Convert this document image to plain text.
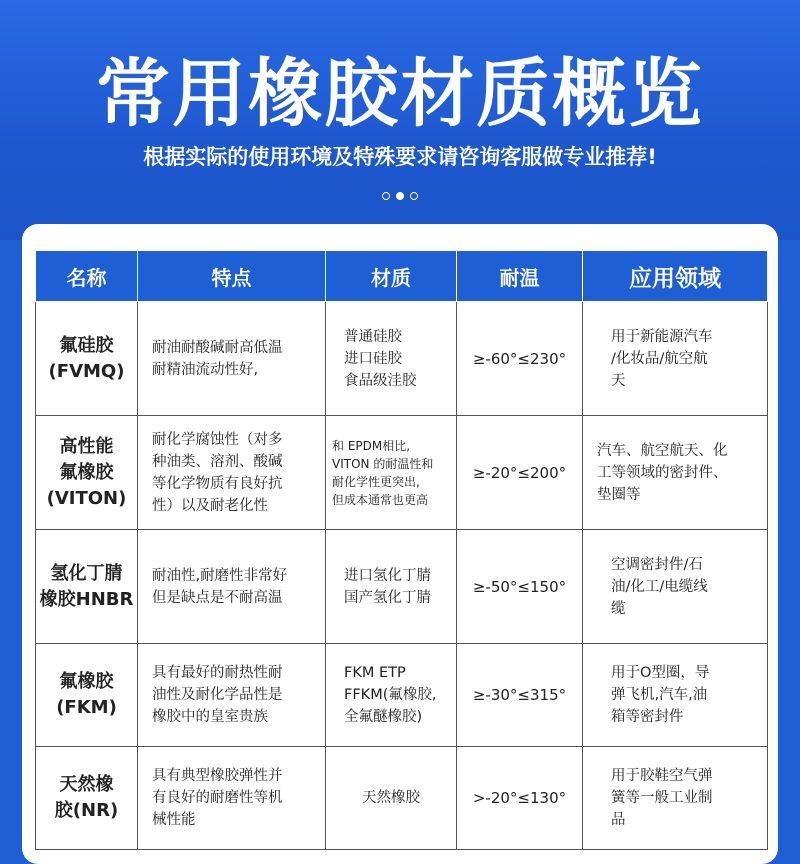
常用橡胶材质概览
根据实际的使用环境及特殊要求请咨询客服做专业推荐!
名称	特点	材质	耐温	应用领域

氟硅胶
(FVMQ)	耐油耐酸碱耐高低温
耐精油流动性好,	普通硅胶
进口硅胶
食品级洼胶	≥-60°≤230°	用于新能源汽车
/化妆品/航空航
天

高性能
氟橡胶
(VITON)	耐化学腐蚀性（对多
种油类、溶剂、酸碱
等化学物质有良好抗
性）以及耐老化性	和 EPDM相比,
VITON 的耐温性和
耐化学性更突出,
但成本通常也更高	≥-20°≤200°	汽车、航空航天、化
工等领域的密封件、
垫圈等

氢化丁腈
橡胶HNBR	耐油性,耐磨性非常好
但是缺点是不耐高温	进口氢化丁腈
国产氢化丁腈	≥-50°≤150°	空调密封件/石
油/化工/电缆线
缆

氟橡胶
(FKM)	具有最好的耐热性耐
油性及耐化学品性是
橡胶中的皇室贵族	FKM ETP
FFKM(氟橡胶,
全氟醚橡胶)	≥-30°≤315°	用于O型圈，导
弹飞机,汽车,油
箱等密封件

天然橡
胶(NR)	具有典型橡胶弹性并
有良好的耐磨性等机
械性能	天然橡胶	>-20°≤130°	用于胶鞋空气弹
簧等一般工业制
品
